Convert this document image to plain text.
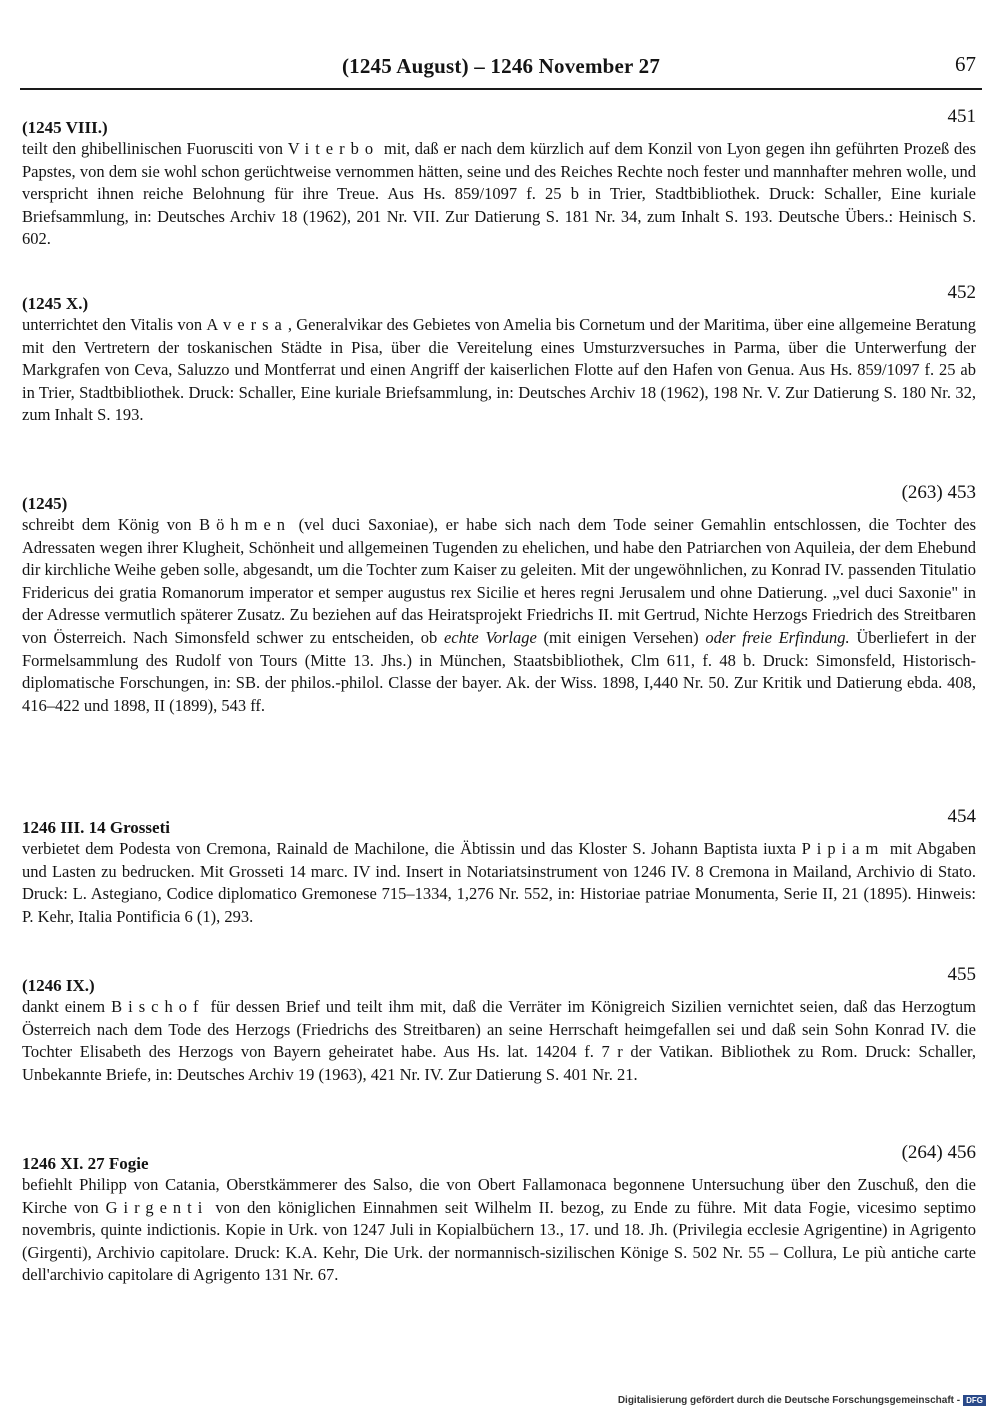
(1245 August) – 1246 November 27	67
(1245 VIII.)
451

teilt den ghibellinischen Fuorusciti von Viterbo mit, daß er nach dem kürzlich auf dem Konzil von Lyon gegen ihn geführten Prozeß des Papstes, von dem sie wohl schon gerüchtweise vernommen hätten, seine und des Reiches Rechte noch fester und mannhafter mehren wolle, und verspricht ihnen reiche Belohnung für ihre Treue. Aus Hs. 859/1097 f. 25 b in Trier, Stadtbibliothek. Druck: Schaller, Eine kuriale Briefsammlung, in: Deutsches Archiv 18 (1962), 201 Nr. VII. Zur Datierung S. 181 Nr. 34, zum Inhalt S. 193. Deutsche Übers.: Heinisch S. 602.

(1245 X.)
452

unterrichtet den Vitalis von Aversa, Generalvikar des Gebietes von Amelia bis Cornetum und der Maritima, über eine allgemeine Beratung mit den Vertretern der toskanischen Städte in Pisa, über die Vereitelung eines Umsturzversuches in Parma, über die Unterwerfung der Markgrafen von Ceva, Saluzzo und Montferrat und einen Angriff der kaiserlichen Flotte auf den Hafen von Genua. Aus Hs. 859/1097 f. 25 ab in Trier, Stadtbibliothek. Druck: Schaller, Eine kuriale Briefsammlung, in: Deutsches Archiv 18 (1962), 198 Nr. V. Zur Datierung S. 180 Nr. 32, zum Inhalt S. 193.

(1245)
(263) 453

schreibt dem König von Böhmen (vel duci Saxoniae), er habe sich nach dem Tode seiner Gemahlin entschlossen, die Tochter des Adressaten wegen ihrer Klugheit, Schönheit und allgemeinen Tugenden zu ehelichen, und habe den Patriarchen von Aquileia, der dem Ehebund dir kirchliche Weihe geben solle, abgesandt, um die Tochter zum Kaiser zu geleiten. Mit der ungewöhnlichen, zu Konrad IV. passenden Titulatio Fridericus dei gratia Romanorum imperator et semper augustus rex Sicilie et heres regni Jerusalem und ohne Datierung. „vel duci Saxonie" in der Adresse vermutlich späterer Zusatz. Zu beziehen auf das Heiratsprojekt Friedrichs II. mit Gertrud, Nichte Herzogs Friedrich des Streitbaren von Österreich. Nach Simonsfeld schwer zu entscheiden, ob echte Vorlage (mit einigen Versehen) oder freie Erfindung. Überliefert in der Formelsammlung des Rudolf von Tours (Mitte 13. Jhs.) in München, Staatsbibliothek, Clm 611, f. 48 b. Druck: Simonsfeld, Historisch-diplomatische Forschungen, in: SB. der philos.-philol. Classe der bayer. Ak. der Wiss. 1898, I,440 Nr. 50. Zur Kritik und Datierung ebda. 408, 416–422 und 1898, II (1899), 543 ff.

1246 III. 14 Grosseti
454

verbietet dem Podesta von Cremona, Rainald de Machilone, die Äbtissin und das Kloster S. Johann Baptista iuxta Pipiam mit Abgaben und Lasten zu bedrucken. Mit Grosseti 14 marc. IV ind. Insert in Notariatsinstrument von 1246 IV. 8 Cremona in Mailand, Archivio di Stato. Druck: L. Astegiano, Codice diplomatico Gremonese 715–1334, 1,276 Nr. 552, in: Historiae patriae Monumenta, Serie II, 21 (1895). Hinweis: P. Kehr, Italia Pontificia 6 (1), 293.

(1246 IX.)
455

dankt einem Bischof für dessen Brief und teilt ihm mit, daß die Verräter im Königreich Sizilien vernichtet seien, daß das Herzogtum Österreich nach dem Tode des Herzogs (Friedrichs des Streitbaren) an seine Herrschaft heimgefallen sei und daß sein Sohn Konrad IV. die Tochter Elisabeth des Herzogs von Bayern geheiratet habe. Aus Hs. lat. 14204 f. 7 r der Vatikan. Bibliothek zu Rom. Druck: Schaller, Unbekannte Briefe, in: Deutsches Archiv 19 (1963), 421 Nr. IV. Zur Datierung S. 401 Nr. 21.

1246 XI. 27 Fogie
(264) 456

befiehlt Philipp von Catania, Oberstkämmerer des Salso, die von Obert Fallamonaca begonnene Untersuchung über den Zuschuß, den die Kirche von Girgenti von den königlichen Einnahmen seit Wilhelm II. bezog, zu Ende zu führe. Mit data Fogie, vicesimo septimo novembris, quinte indictionis. Kopie in Urk. von 1247 Juli in Kopialbüchern 13., 17. und 18. Jh. (Privilegia ecclesie Agrigentine) in Agrigento (Girgenti), Archivio capitolare. Druck: K.A. Kehr, Die Urk. der normannisch-sizilischen Könige S. 502 Nr. 55 – Collura, Le più antiche carte dell'archivio capitolare di Agrigento 131 Nr. 67.

Digitalisierung gefördert durch die Deutsche Forschungsgemeinschaft - DFG
